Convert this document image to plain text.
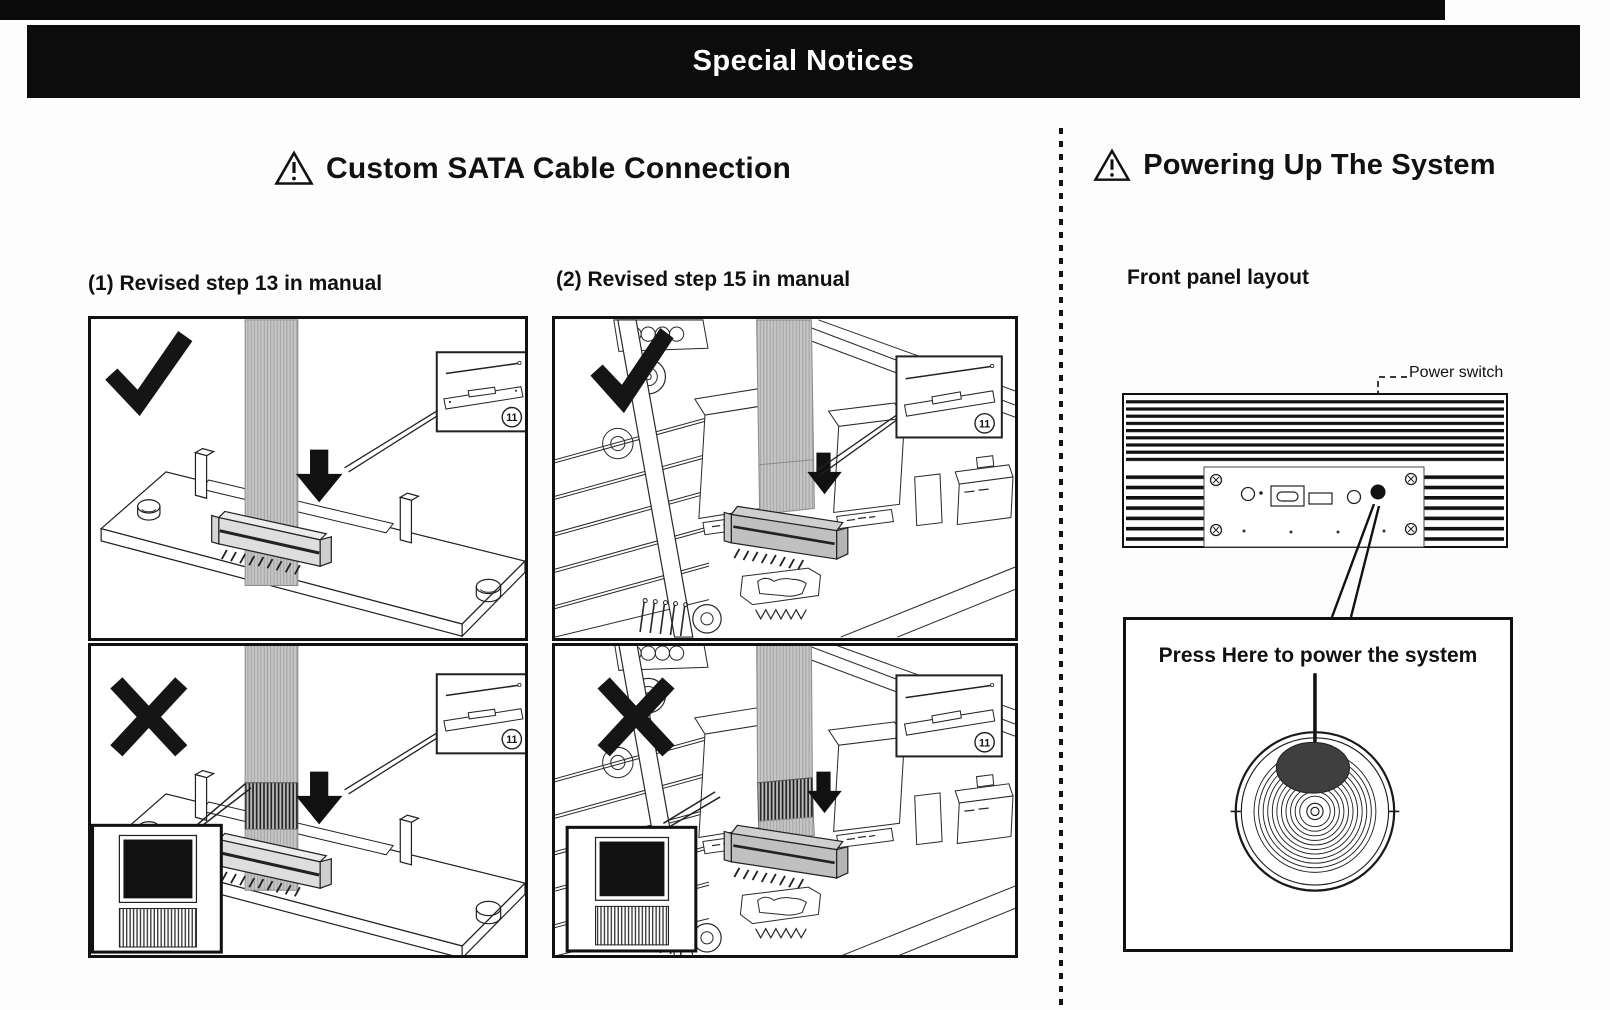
Special Notices
Custom SATA Cable Connection
(1) Revised step 13 in manual	(2) Revised step 15 in manual
11
11
11
11
Powering Up The System
Front panel layout
Power switch
Press Here to power the system
